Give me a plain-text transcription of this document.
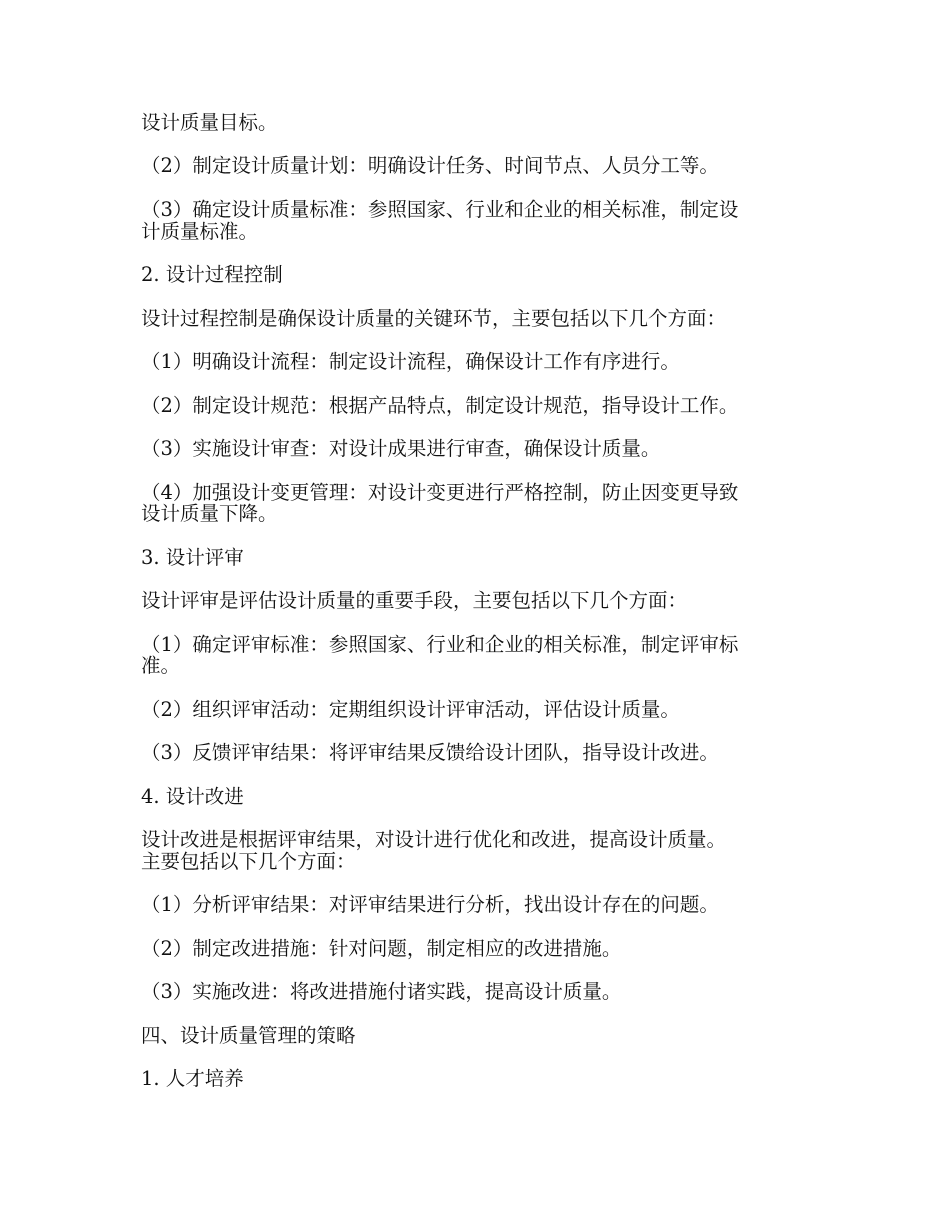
设计质量目标。
（2）制定设计质量计划：明确设计任务、时间节点、人员分工等。
（3）确定设计质量标准：参照国家、行业和企业的相关标准，制定设
计质量标准。
2. 设计过程控制
设计过程控制是确保设计质量的关键环节，主要包括以下几个方面：
（1）明确设计流程：制定设计流程，确保设计工作有序进行。
（2）制定设计规范：根据产品特点，制定设计规范，指导设计工作。
（3）实施设计审查：对设计成果进行审查，确保设计质量。
（4）加强设计变更管理：对设计变更进行严格控制，防止因变更导致
设计质量下降。
3. 设计评审
设计评审是评估设计质量的重要手段，主要包括以下几个方面：
（1）确定评审标准：参照国家、行业和企业的相关标准，制定评审标
准。
（2）组织评审活动：定期组织设计评审活动，评估设计质量。
（3）反馈评审结果：将评审结果反馈给设计团队，指导设计改进。
4. 设计改进
设计改进是根据评审结果，对设计进行优化和改进，提高设计质量。
主要包括以下几个方面：
（1）分析评审结果：对评审结果进行分析，找出设计存在的问题。
（2）制定改进措施：针对问题，制定相应的改进措施。
（3）实施改进：将改进措施付诸实践，提高设计质量。
四、设计质量管理的策略
1. 人才培养
